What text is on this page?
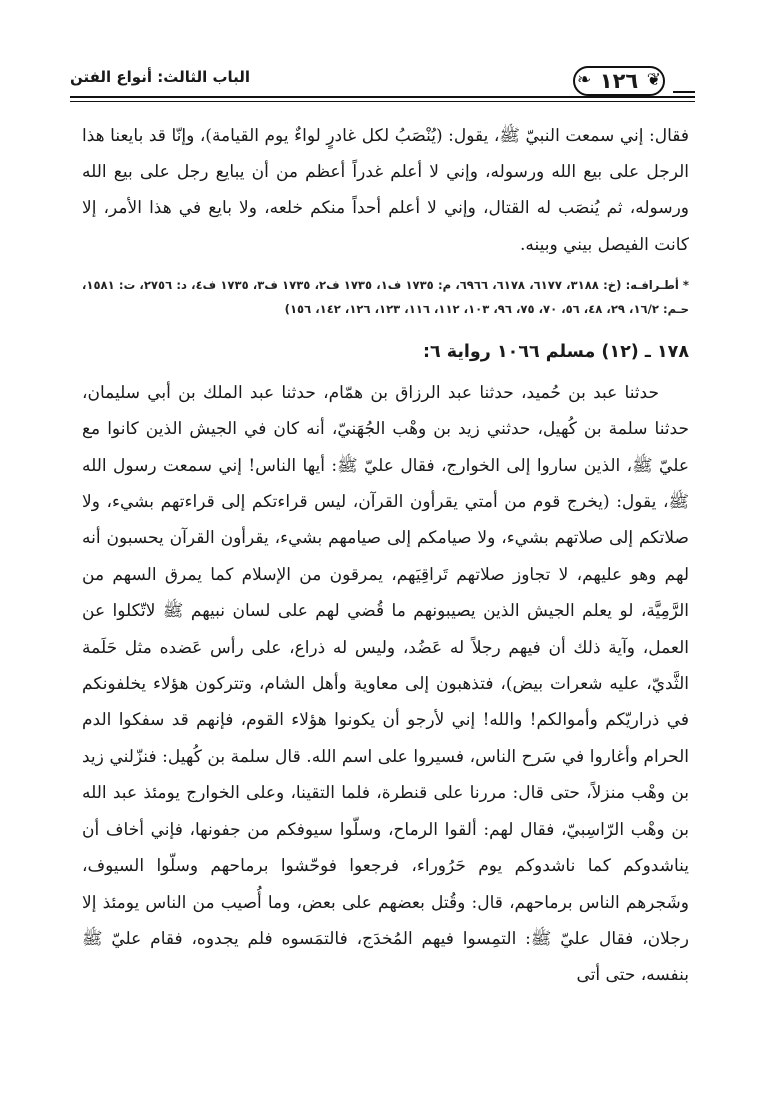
❦
١٢٦
❧
الباب الثالث: أنواع الفتن

فقال: إني سمعت النبيّ ﷺ، يقول: (يُنْصَبُ لكل غادرٍ لواءٌ يوم القيامة)، وإنّا قد بايعنا هذا الرجل على بيع الله ورسوله، وإني لا أعلم غدراً أعظم من أن يبايع رجل على بيع الله ورسوله، ثم يُنصَب له القتال، وإني لا أعلم أحداً منكم خلعه، ولا بايع في هذا الأمر، إلا كانت الفيصل بيني وبينه.

*أطـرافـه: (خ: ٣١٨٨، ٦١٧٧، ٦١٧٨، ٦٩٦٦، م: ١٧٣٥ ف١، ١٧٣٥ ف٢، ١٧٣٥ ف٣، ١٧٣٥ ف٤، د: ٢٧٥٦، ت: ١٥٨١، حـم: ١٦/٢، ٢٩، ٤٨، ٥٦، ٧٠، ٧٥، ٩٦، ١٠٣، ١١٢، ١١٦، ١٢٣، ١٢٦، ١٤٢، ١٥٦)
١٧٨ ـ (١٢) مسلم ١٠٦٦ رواية ٦:

حدثنا عبد بن حُميد، حدثنا عبد الرزاق بن همّام، حدثنا عبد الملك بن أبي سليمان، حدثنا سلمة بن كُهيل، حدثني زيد بن وهْب الجُهَنيّ، أنه كان في الجيش الذين كانوا مع عليّ ﷺ، الذين ساروا إلى الخوارج، فقال عليّ ﷺ: أيها الناس! إني سمعت رسول الله ﷺ، يقول: (يخرج قوم من أمتي يقرأون القرآن، ليس قراءتكم إلى قراءتهم بشيء، ولا صلاتكم إلى صلاتهم بشيء، ولا صيامكم إلى صيامهم بشيء، يقرأون القرآن يحسبون أنه لهم وهو عليهم، لا تجاوز صلاتهم تَراقِيَهم، يمرقون من الإسلام كما يمرق السهم من الرَّمِيَّة، لو يعلم الجيش الذين يصيبونهم ما قُضي لهم على لسان نبيهم ﷺ لاتّكلوا عن العمل، وآية ذلك أن فيهم رجلاً له عَضُد، وليس له ذراع، على رأس عَضده مثل حَلَمة الثَّديّ، عليه شعرات بيض)، فتذهبون إلى معاوية وأهل الشام، وتتركون هؤلاء يخلفونكم في ذراريّكم وأموالكم! والله! إني لأرجو أن يكونوا هؤلاء القوم، فإنهم قد سفكوا الدم الحرام وأغاروا في سَرح الناس، فسيروا على اسم الله. قال سلمة بن كُهيل: فنزّلني زيد بن وهْب منزلاً، حتى قال: مررنا على قنطرة، فلما التقينا، وعلى الخوارج يومئذ عبد الله بن وهْب الرّاسِبيّ، فقال لهم: ألقوا الرماح، وسلّوا سيوفكم من جفونها، فإني أخاف أن يناشدوكم كما ناشدوكم يوم حَرُوراء، فرجعوا فوحّشوا برماحهم وسلّوا السيوف، وشَجرهم الناس برماحهم، قال: وقُتل بعضهم على بعض، وما أُصيب من الناس يومئذ إلا رجلان، فقال عليّ ﷺ: التمِسوا فيهم المُخدَج، فالتمَسوه فلم يجدوه، فقام عليّ ﷺ بنفسه، حتى أتى
